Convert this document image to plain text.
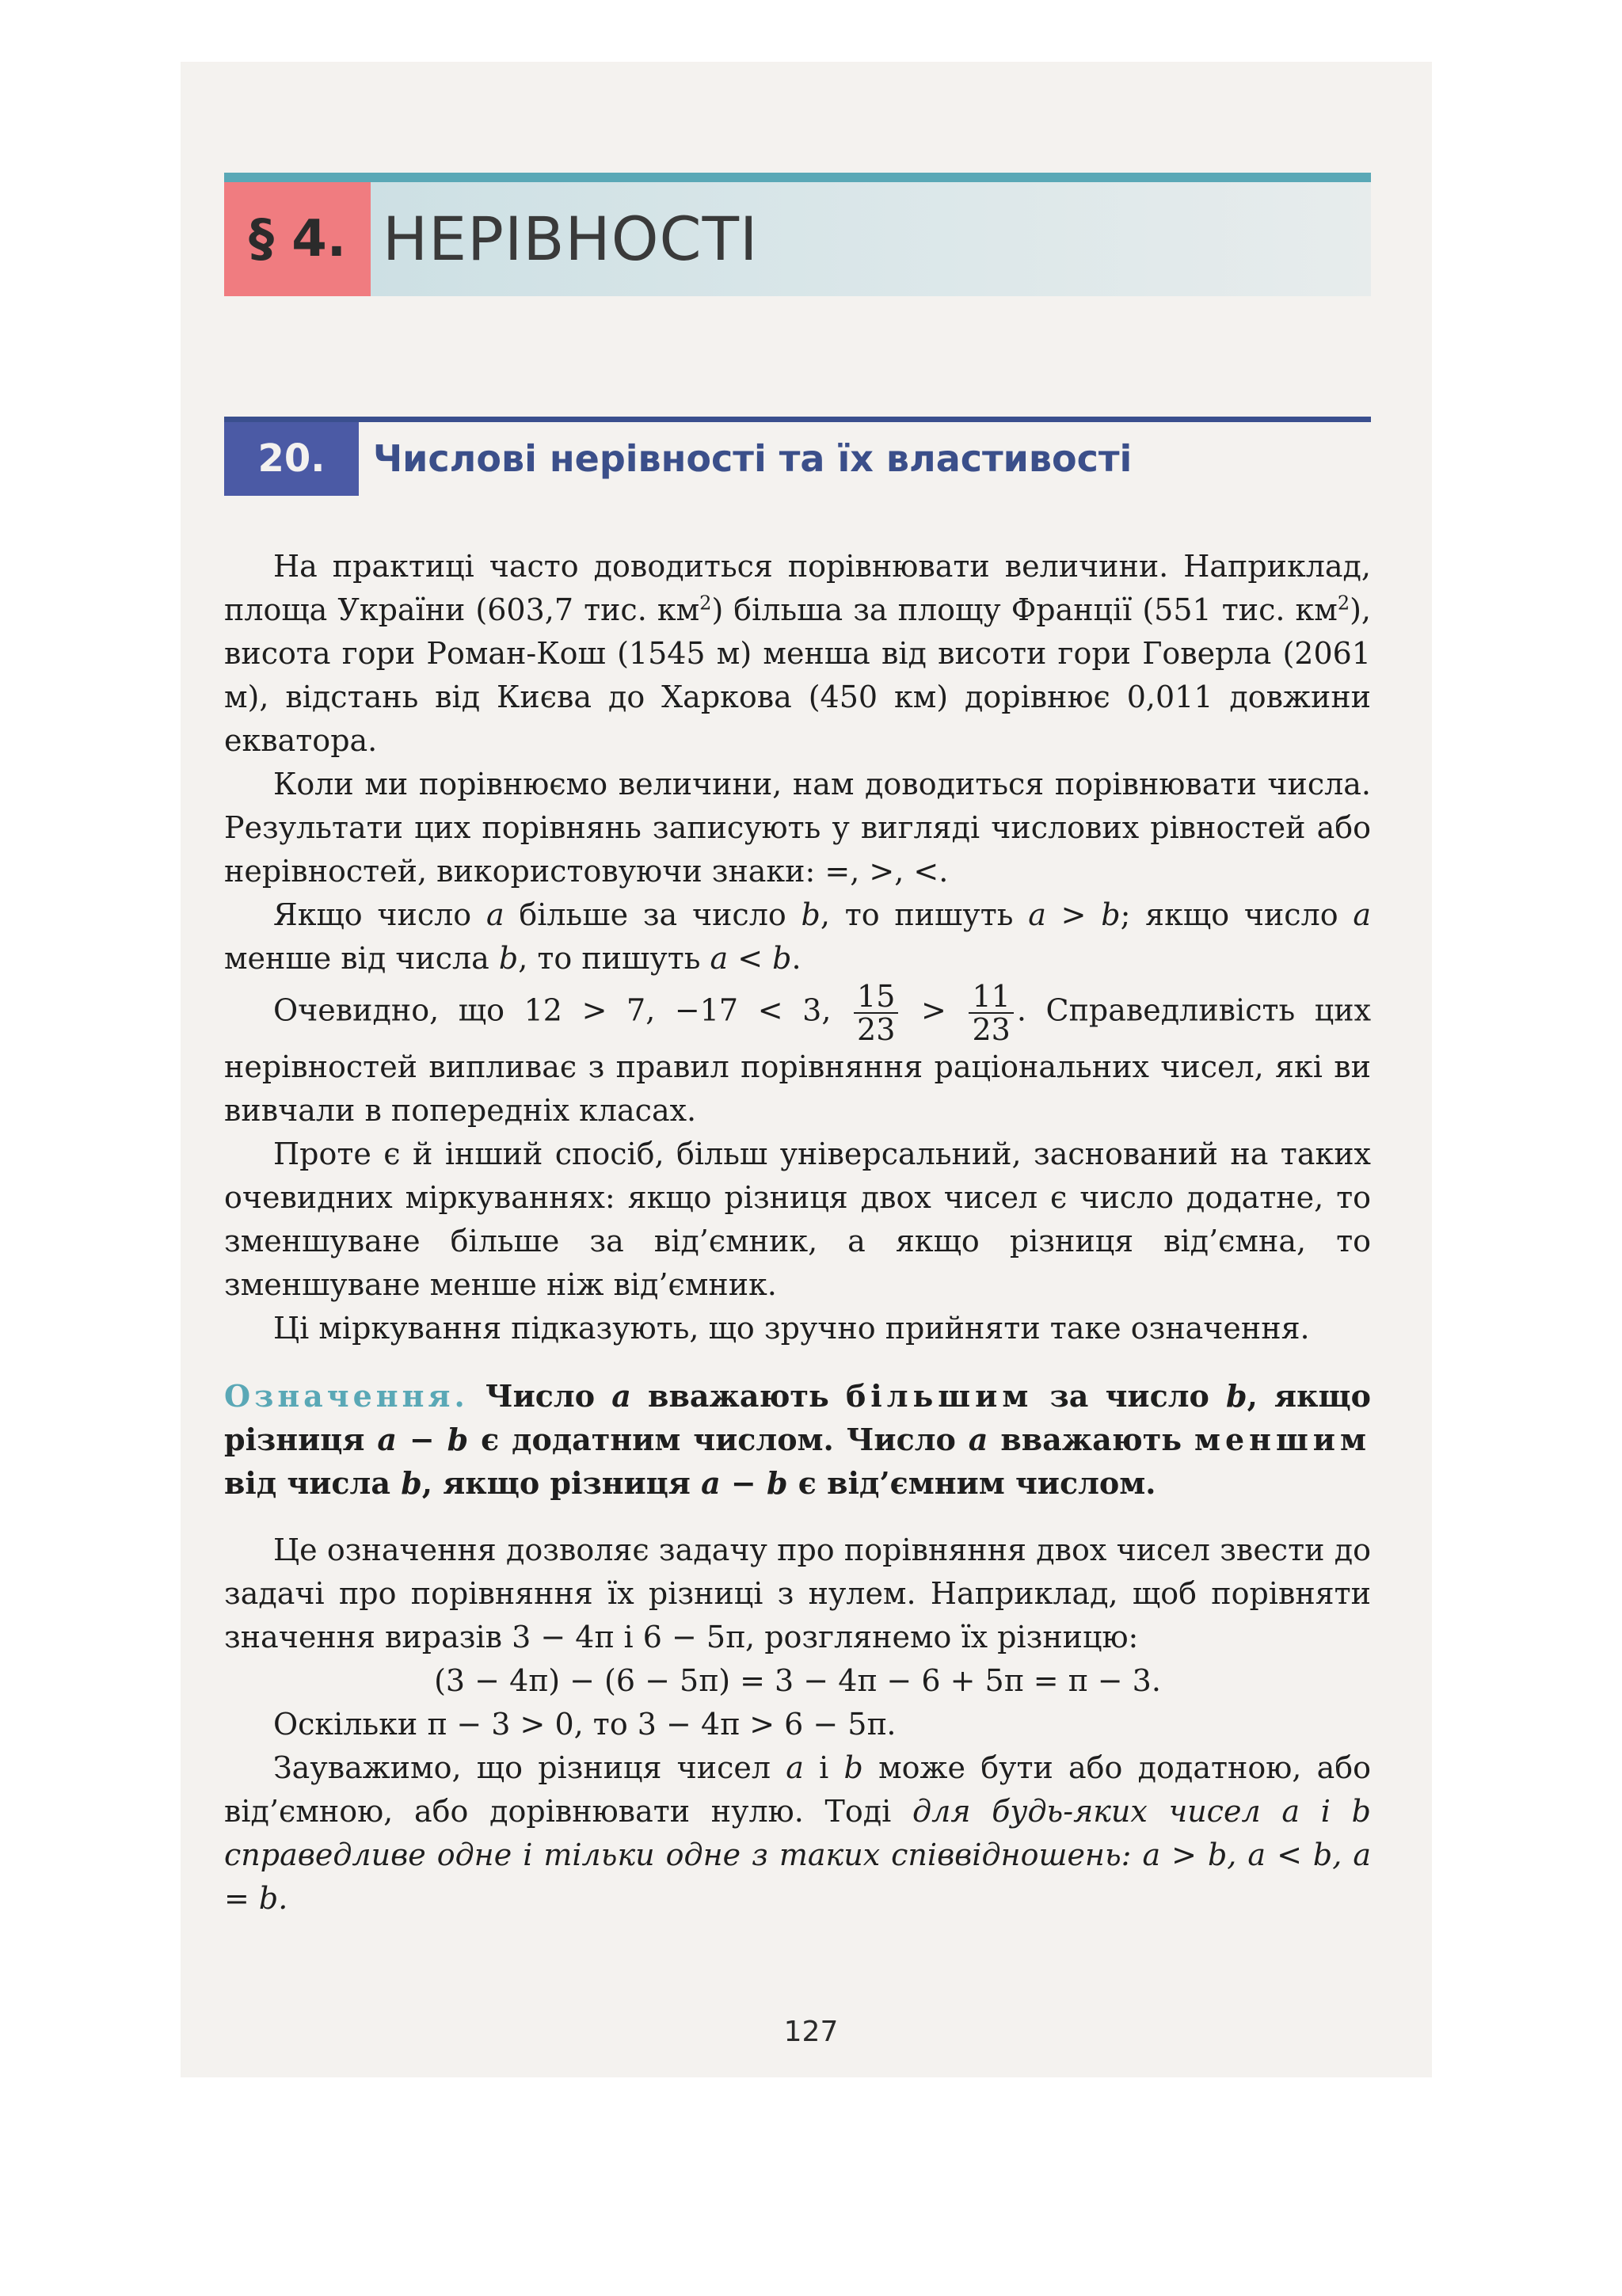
§ 4. НЕРІВНОСТІ
20.	Числові нерівності та їх властивості

На практиці часто доводиться порівнювати величини. Наприклад, площа України (603,7 тис. $км^2$) більша за площу Франції (551 тис. $км^2$), висота гори Роман-Кош (1545 м) менша від висоти гори Говерла (2061 м), відстань від Києва до Харкова (450 км) дорівнює 0,011 довжини екватора.

Коли ми порівнюємо величини, нам доводиться порівнювати числа. Результати цих порівнянь записують у вигляді числових рівностей або нерівностей, використовуючи знаки: =, >, <.

Якщо число a більше за число b, то пишуть a > b; якщо число a менше від числа b, то пишуть a < b.

Очевидно, що 12 > 7, −17 < 3, $\frac{15}{23} > \frac{11}{23}$ . Справедливість цих нерівностей випливає з правил порівняння раціональних чисел, які ви вивчали в попередніх класах.

Проте є й інший спосіб, більш універсальний, заснований на таких очевидних міркуваннях: якщо різниця двох чисел є число додатне, то зменшуване більше за від’ємник, а якщо різниця від’ємна, то зменшуване менше ніж від’ємник.

Ці міркування підказують, що зручно прийняти таке означення.

Означення. Число a вважають більшим за число b, якщо різниця a − b є додатним числом. Число a вважають меншим від числа b, якщо різниця a − b є від’ємним числом.

Це означення дозволяє задачу про порівняння двох чисел звести до задачі про порівняння їх різниці з нулем. Наприклад, щоб порівняти значення виразів 3 − 4π і 6 − 5π, розглянемо їх різницю:

(3 − 4π) − (6 − 5π) = 3 − 4π − 6 + 5π = π − 3.

Оскільки π − 3 > 0, то 3 − 4π > 6 − 5π.

Зауважимо, що різниця чисел a і b може бути або додатною, або від’ємною, або дорівнювати нулю. Тоді для будь-яких чисел a і b справедливе одне і тільки одне з таких співвідношень: a > b, a < b, a = b.

127
